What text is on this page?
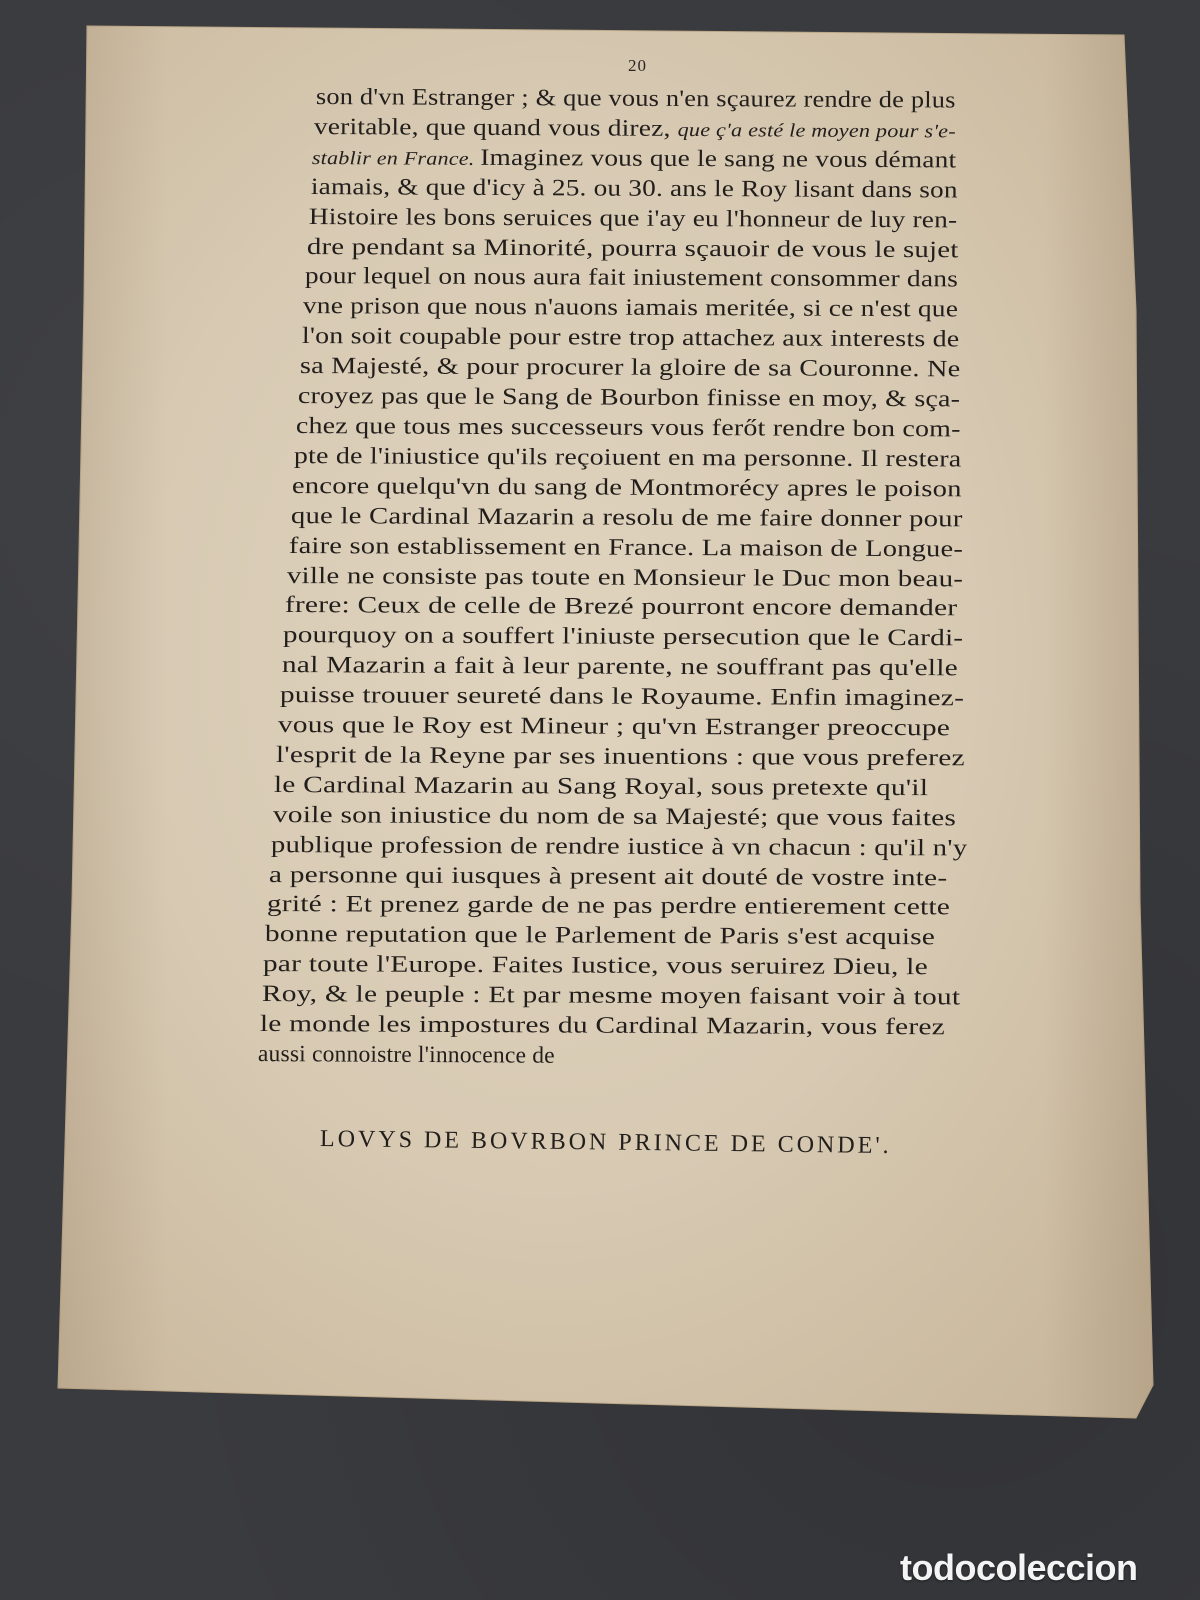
20
son d'vn Estranger ; & que vous n'en sçaurez rendre de plus
veritable, que quand vous direz, que ç'a esté le moyen pour s'e-
stablir en France. Imaginez vous que le sang ne vous démant
iamais, & que d'icy à 25. ou 30. ans le Roy lisant dans son
Histoire les bons seruices que i'ay eu l'honneur de luy ren-
dre pendant sa Minorité, pourra sçauoir de vous le sujet
pour lequel on nous aura fait iniustement consommer dans
vne prison que nous n'auons iamais meritée, si ce n'est que
l'on soit coupable pour estre trop attachez aux interests de
sa Majesté, & pour procurer la gloire de sa Couronne. Ne
croyez pas que le Sang de Bourbon finisse en moy, & sça-
chez que tous mes successeurs vous ferőt rendre bon com-
pte de l'iniustice qu'ils reçoiuent en ma personne. Il restera
encore quelqu'vn du sang de Montmorécy apres le poison
que le Cardinal Mazarin a resolu de me faire donner pour
faire son establissement en France. La maison de Longue-
ville ne consiste pas toute en Monsieur le Duc mon beau-
frere: Ceux de celle de Brezé pourront encore demander
pourquoy on a souffert l'iniuste persecution que le Cardi-
nal Mazarin a fait à leur parente, ne souffrant pas qu'elle
puisse trouuer seureté dans le Royaume. Enfin imaginez-
vous que le Roy est Mineur ; qu'vn Estranger preoccupe
l'esprit de la Reyne par ses inuentions : que vous preferez
le Cardinal Mazarin au Sang Royal, sous pretexte qu'il
voile son iniustice du nom de sa Majesté; que vous faites
publique profession de rendre iustice à vn chacun : qu'il n'y
a personne qui iusques à present ait douté de vostre inte-
grité : Et prenez garde de ne pas perdre entierement cette
bonne reputation que le Parlement de Paris s'est acquise
par toute l'Europe. Faites Iustice, vous seruirez Dieu, le
Roy, & le peuple : Et par mesme moyen faisant voir à tout
le monde les impostures du Cardinal Mazarin, vous ferez
aussi connoistre l'innocence de
LOVYS DE BOVRBON PRINCE DE CONDE'.
todocoleccion
